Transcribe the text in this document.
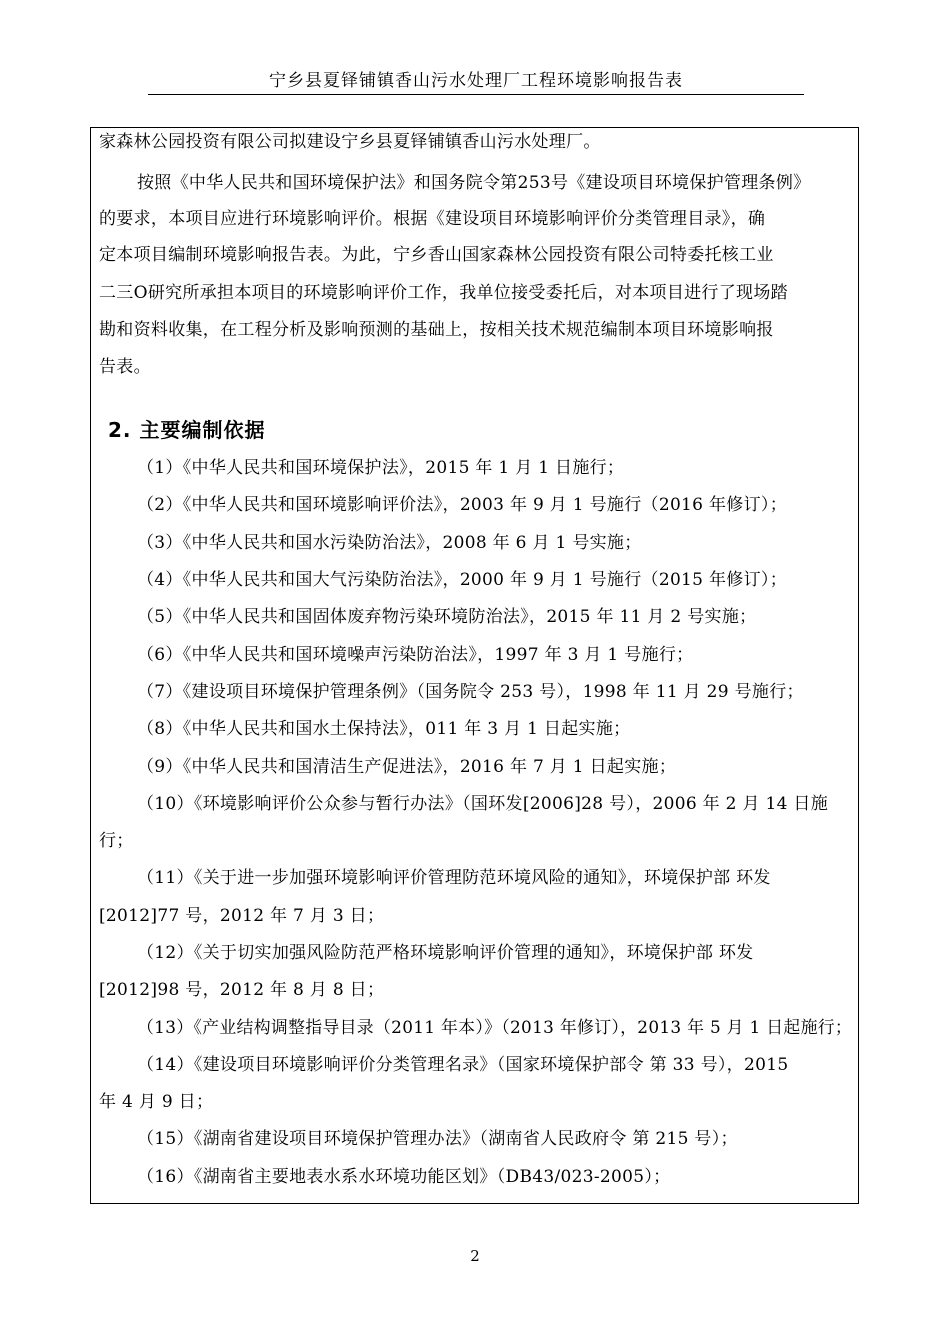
宁乡县夏铎铺镇香山污水处理厂工程环境影响报告表
家森林公园投资有限公司拟建设宁乡县夏铎铺镇香山污水处理厂。
按照《中华人民共和国环境保护法》和国务院令第253号《建设项目环境保护管理条例》
的要求，本项目应进行环境影响评价。根据《建设项目环境影响评价分类管理目录》，确
定本项目编制环境影响报告表。为此，宁乡香山国家森林公园投资有限公司特委托核工业
二三O研究所承担本项目的环境影响评价工作，我单位接受委托后，对本项目进行了现场踏
勘和资料收集，在工程分析及影响预测的基础上，按相关技术规范编制本项目环境影响报
告表。
2. 主要编制依据
（1）《中华人民共和国环境保护法》，2015 年 1 月 1 日施行；
（2）《中华人民共和国环境影响评价法》，2003 年 9 月 1 号施行（2016 年修订）；
（3）《中华人民共和国水污染防治法》，2008 年 6 月 1 号实施；
（4）《中华人民共和国大气污染防治法》，2000 年 9 月 1 号施行（2015 年修订）；
（5）《中华人民共和国固体废弃物污染环境防治法》，2015 年 11 月 2 号实施；
（6）《中华人民共和国环境噪声污染防治法》，1997 年 3 月 1 号施行；
（7）《建设项目环境保护管理条例》（国务院令 253 号），1998 年 11 月 29 号施行；
（8）《中华人民共和国水土保持法》，011 年 3 月 1 日起实施；
（9）《中华人民共和国清洁生产促进法》，2016 年 7 月 1 日起实施；
（10）《环境影响评价公众参与暂行办法》（国环发[2006]28 号），2006 年 2 月 14 日施
行；
（11）《关于进一步加强环境影响评价管理防范环境风险的通知》，环境保护部 环发
[2012]77 号，2012 年 7 月 3 日；
（12）《关于切实加强风险防范严格环境影响评价管理的通知》，环境保护部 环发
[2012]98 号，2012 年 8 月 8 日；
（13）《产业结构调整指导目录（2011 年本）》（2013 年修订），2013 年 5 月 1 日起施行；
（14）《建设项目环境影响评价分类管理名录》（国家环境保护部令 第 33 号），2015
年 4 月 9 日；
（15）《湖南省建设项目环境保护管理办法》（湖南省人民政府令 第 215 号）；
（16）《湖南省主要地表水系水环境功能区划》（DB43/023-2005）；
2
